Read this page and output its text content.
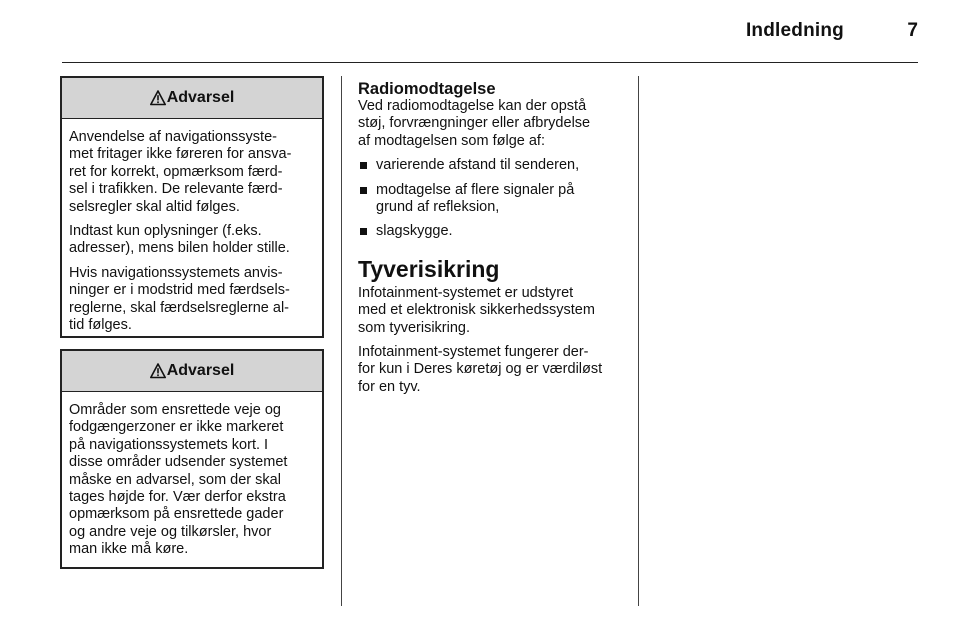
Indledning	7
Advarsel

Anvendelse af navigationssyste-
met fritager ikke føreren for ansva-
ret for korrekt, opmærksom færd-
sel i trafikken. De relevante færd-
selsregler skal altid følges.

Indtast kun oplysninger (f.eks.
adresser), mens bilen holder stille.

Hvis navigationssystemets anvis-
ninger er i modstrid med færdsels-
reglerne, skal færdselsreglerne al-
tid følges.

Advarsel

Områder som ensrettede veje og
fodgængerzoner er ikke markeret
på navigationssystemets kort. I
disse områder udsender systemet
måske en advarsel, som der skal
tages højde for. Vær derfor ekstra
opmærksom på ensrettede gader
og andre veje og tilkørsler, hvor
man ikke må køre.

Radiomodtagelse

Ved radiomodtagelse kan der opstå
støj, forvrængninger eller afbrydelse
af modtagelsen som følge af:

varierende afstand til senderen,
modtagelse af flere signaler på
grund af refleksion,
slagskygge.
Tyverisikring

Infotainment-systemet er udstyret
med et elektronisk sikkerhedssystem
som tyverisikring.

Infotainment-systemet fungerer der-
for kun i Deres køretøj og er værdiløst
for en tyv.
